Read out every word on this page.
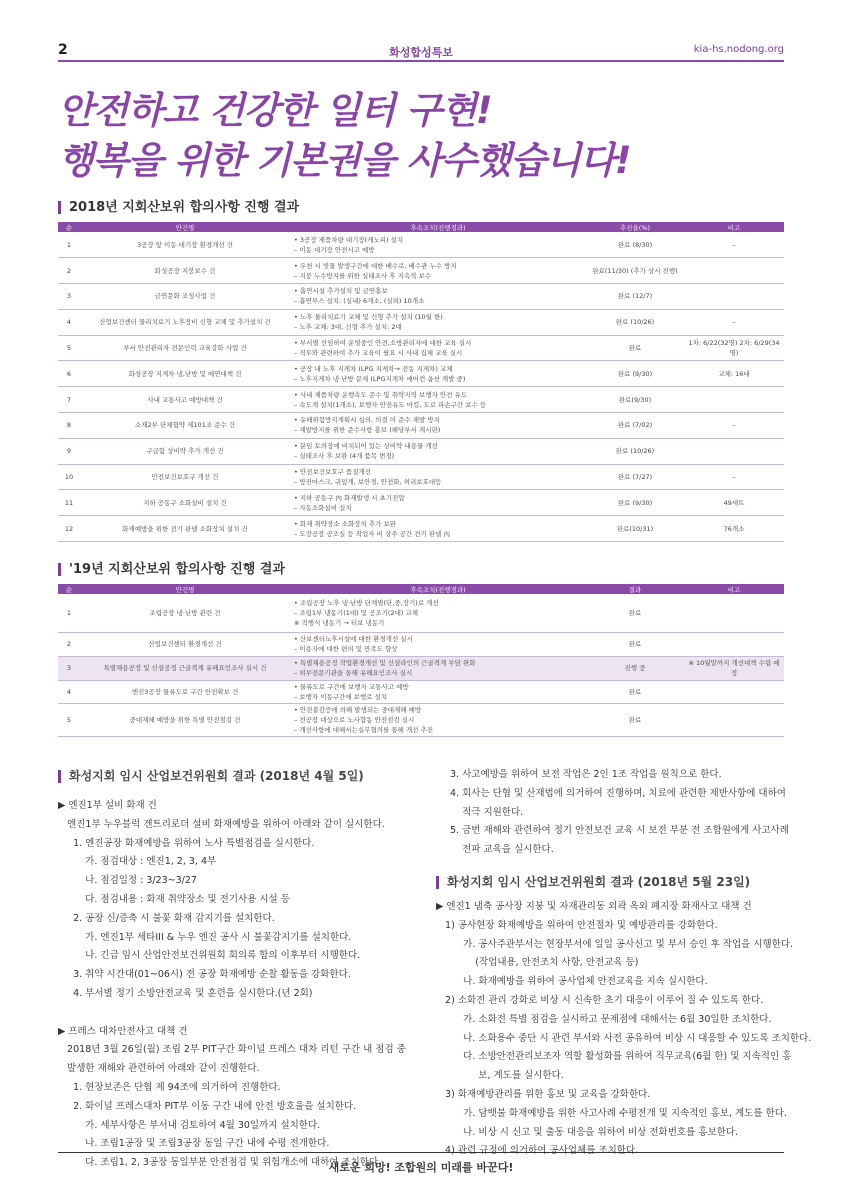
2	화성합성특보	kia-hs.nodong.org
안전하고 건강한 일터 구현!
행복을 위한 기본권을 사수했습니다!
2018년 지회산보위 합의사항 진행 결과
순	안건명	후속조치(진행경과)	추진율(%)	비고
1	3공장 앞 이동 대기장 환경개선 건	• 3공장 제품차량 대기장(캐노피) 설치
– 이동 대기장 안전시고 예방	완료 (8/30)	–
2	화성공장 지붕보수 건	• 우천 시 빗물 발생구간에 대한 배수로, 배수관 누수 방지
– 지붕 누수방지를 위한 실태조사 후 지속적 보수	완료(11/30) (추가 상시 진행)	
3	금연문화 조성사업 건	• 흡연시설 추가설치 및 금연홍보
– 흡연부스 설치: (실내) 6개소, (실외) 10개소	완료 (12/7)	
4	산업보건센터 물리치료기 노후장비 신형 교체 및 추가설치 건	• 노후 물리치료기 교체 및 신형 추가 설치 (10월 한)
– 노후 교체: 3대, 신형 추가 설치: 2대	완료 (10/26)	–
5	부서 안전관리자 전문인력 교육강화 사업 건	• 부서별 선임하여 운영중인 안전,소방관리자에 대한 교육 실시
– 직무와 관련하여 추가 교육이 필요 시 사내 집체 교육 실시	완료	1차: 6/22(32명) 2차: 6/29(34명)
6	화성공장 지게차 냉,난방 및 매연대책 건	• 공장 내 노후 지게차 (LPG 지게차→ 전동 지게차) 교체
– 노후지게차 냉·난방 문제 (LPG지게차 에어컨 옵션 개발 중)	완료 (9/30)	교체: 16대
7	사내 교통사고 예방대책 건	• 사내 제품차량 운행속도 준수 및 취약지역 보행자 안전 유도
– 속도계 설치(1개소), 보행자 안전유도 마킹, 도로 파손구간 보수 등	완료(9/30)	
8	소재2부 단체협약 제101조 준수 건	• 유해위험방지계획서 심의, 의결 미 준수 재발 방지
– 재발방지를 위한 준수사항 홍보 (해당부서 게시판)	완료 (7/02)	–
9	구급함 상비약 추가 개선 건	• 분임 토의장에 비치되어 있는 상비약 내용물 개선
– 실태조사 후 보완 (4개 품목 변경)	완료 (10/26)	
10	안전보건보호구 개선 건	• 안전보건보호구 품질개선
– 방진마스크, 귀덮개, 보안경, 안전화, 허리보호대등	완료 (7/27)	–
11	지하 공동구 소화설비 설치 건	• 지하 공동구 內 화재발생 시 초기진압
– 자동소화설비 설치	완료 (9/30)	49세트
12	화재예방을 위한 전기 판넬 소화장치 설치 건	• 화재 취약장소 소화장치 추가 보완
– 도장공장 공조실 등 작업자 비 상주 공간 전기 판넬 內	완료(10/31)	76개소
'19년 지회산보위 합의사항 진행 결과
순	안건명	후속조치(진행경과)	결과	비고
1	조립공장 냉·난방 관련 건	• 조립공장 노후 냉·난방 단계별(단,중,장기)로 개선
– 조립1부 냉동기(1대) 및 공조기(2대) 교체
※ 직행식 냉동기 → 터보 냉동기	완료	
2	산업보건센터 환경개선 건	• 산보센터노후시설에 대한 환경개선 실시
– 이용자에 대한 편의 및 만족도 향상	완료	
3	특별채용공정 및 신설공정 근골격계 유해요인조사 실시 건	• 특별채용공정 작업환경개선 및 신설라인의 근골격계 부담 완화
– 외부전문기관을 통해 유해요인조사 실시	진행 중	※ 10월말까지 개선대책 수립 예정
4	엔진3공장 물류도로 구간 안전확보 건	• 물류도로 구간에 보행자 교통사고 예방
– 보행자 이동구간에 보행로 설치	완료	
5	중대재해 예방을 위한 특별 안전점검 건	• 안전불감증에 의해 발생되는 중대재해 예방
– 전공장 대상으로 노사합동 안전점검 실시
– 개선사항에 대해서는실무협의를 통해 개선 추진	완료	
화성지회 임시 산업보건위원회 결과 (2018년 4월 5일)
▶ 엔진1부 설비 화재 건
엔진1부 누우블럭 겐트리로더 설비 화재예방을 위하여 아래와 같이 실시한다.
1. 엔진공장 화재예방을 위하여 노사 특별점검을 실시한다.
가. 점검대상 : 엔진1, 2, 3, 4부
나. 점검일정 : 3/23~3/27
다. 점검내용 : 화재 취약장소 및 전기사용 시설 등
2. 공장 신/증축 시 불꽃 화재 감지기를 설치한다.
가. 엔진1부 세타III & 누우 엔진 공사 시 불꽃감지기를 설치한다.
나. 긴급 임시 산업안전보건위원회 회의록 합의 이후부터 시행한다.
3. 취약 시간대(01~06시) 전 공장 화재예방 순찰 활동을 강화한다.
4. 부서별 정기 소방안전교육 및 훈련을 실시한다.(년 2회)

▶ 프레스 대차안전사고 대책 건
2018년 3월 26일(월) 조립 2부 PIT구간 화이널 프레스 대차 리턴 구간 내 점검 중
발생한 재해와 관련하여 아래와 같이 진행한다.
1. 현장보존은 단협 제 94조에 의거하여 진행한다.
2. 화이널 프레스대차 PIT부 이동 구간 내에 안전 방호울을 설치한다.
가. 세부사항은 부서내 검토하여 4월 30일까지 설치한다.
나. 조립1공장 및 조립3공장 동일 구간 내에 수평 전개한다.
다. 조립1, 2, 3공장 동일부분 안전점검 및 위험개소에 대하여 조치한다.
3. 사고예방을 위하여 보전 작업은 2인 1조 작업을 원칙으로 한다.
4. 회사는 단협 및 산재법에 의거하여 진행하며, 치료에 관련한 제반사항에 대하여
적극 지원한다.
5. 금번 재해와 관련하여 정기 안전보건 교육 시 보전 부분 전 조합원에게 사고사례
전파 교육을 실시한다.
화성지회 임시 산업보건위원회 결과 (2018년 5월 23일)
▶ 엔진1 냄축 공사장 지붕 및 자재관리동 외곽 옥외 폐지장 화재사고 대책 건
1) 공사현장 화재예방을 위하여 안전절차 및 예방관리를 강화한다.
가. 공사주관부서는 현장부서에 일일 공사신고 및 부서 승인 후 작업을 시행한다.
(작업내용, 안전조치 사항, 안전교육 등)
나. 화재예방을 위하여 공사업체 안전교육을 지속 실시한다.
2) 소화전 관리 강화로 비상 시 신속한 초기 대응이 이루어 질 수 있도록 한다.
가. 소화전 특별 점검을 실시하고 문제점에 대해서는 6월 30일한 조치한다.
나. 소화용수 중단 시 관련 부서와 사전 공유하여 비상 시 대응할 수 있도록 조치한다.
다. 소방안전관리보조자 역할 활성화를 위하여 직무교육(6월 한) 및 지속적인 홍
보, 계도를 실시한다.
3) 화재예방관리를 위한 홍보 및 교육을 강화한다.
가. 담뱃불 화재예방을 위한 사고사례 수평전개 및 지속적인 홍보, 계도를 한다.
나. 비상 시 신고 및 출동 대응을 위하여 비상 전화번호를 홍보한다.
4) 관련 규정에 의거하여 공사업체를 조치한다.
새로운 희망! 조합원의 미래를 바꾼다!
